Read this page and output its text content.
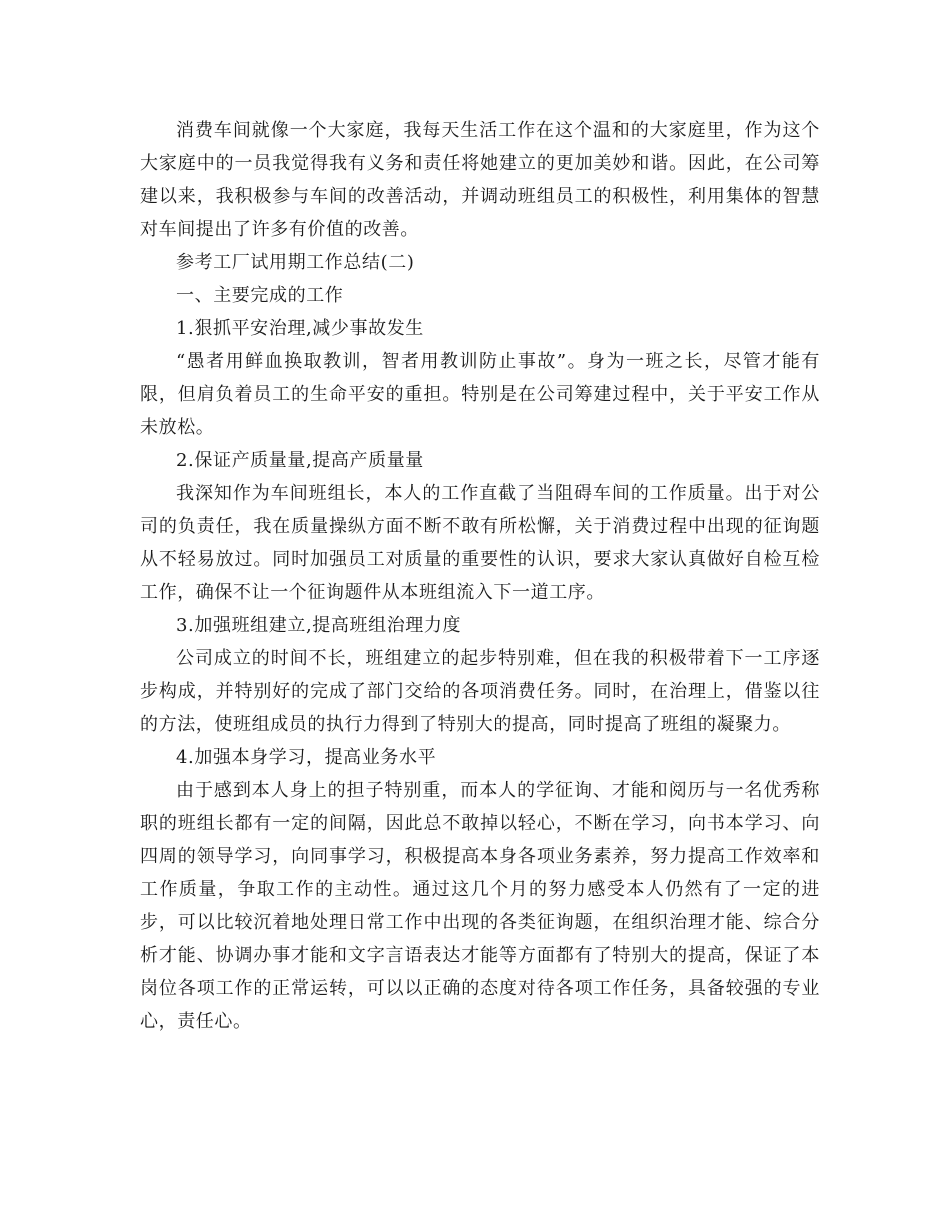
消费车间就像一个大家庭，我每天生活工作在这个温和的大家庭里，作为这个大家庭中的一员我觉得我有义务和责任将她建立的更加美妙和谐。因此，在公司筹建以来，我积极参与车间的改善活动，并调动班组员工的积极性，利用集体的智慧对车间提出了许多有价值的改善。

参考工厂试用期工作总结(二)

一、主要完成的工作

1.狠抓平安治理,减少事故发生

“愚者用鲜血换取教训，智者用教训防止事故”。身为一班之长，尽管才能有限，但肩负着员工的生命平安的重担。特别是在公司筹建过程中，关于平安工作从未放松。

2.保证产质量量,提高产质量量

我深知作为车间班组长，本人的工作直截了当阻碍车间的工作质量。出于对公司的负责任，我在质量操纵方面不断不敢有所松懈，关于消费过程中出现的征询题从不轻易放过。同时加强员工对质量的重要性的认识，要求大家认真做好自检互检工作，确保不让一个征询题件从本班组流入下一道工序。

3.加强班组建立,提高班组治理力度

公司成立的时间不长，班组建立的起步特别难，但在我的积极带着下一工序逐步构成，并特别好的完成了部门交给的各项消费任务。同时，在治理上，借鉴以往的方法，使班组成员的执行力得到了特别大的提高，同时提高了班组的凝聚力。

4.加强本身学习，提高业务水平

由于感到本人身上的担子特别重，而本人的学征询、才能和阅历与一名优秀称职的班组长都有一定的间隔，因此总不敢掉以轻心，不断在学习，向书本学习、向四周的领导学习，向同事学习，积极提高本身各项业务素养，努力提高工作效率和工作质量，争取工作的主动性。通过这几个月的努力感受本人仍然有了一定的进步，可以比较沉着地处理日常工作中出现的各类征询题，在组织治理才能、综合分析才能、协调办事才能和文字言语表达才能等方面都有了特别大的提高，保证了本岗位各项工作的正常运转，可以以正确的态度对待各项工作任务，具备较强的专业心，责任心。
